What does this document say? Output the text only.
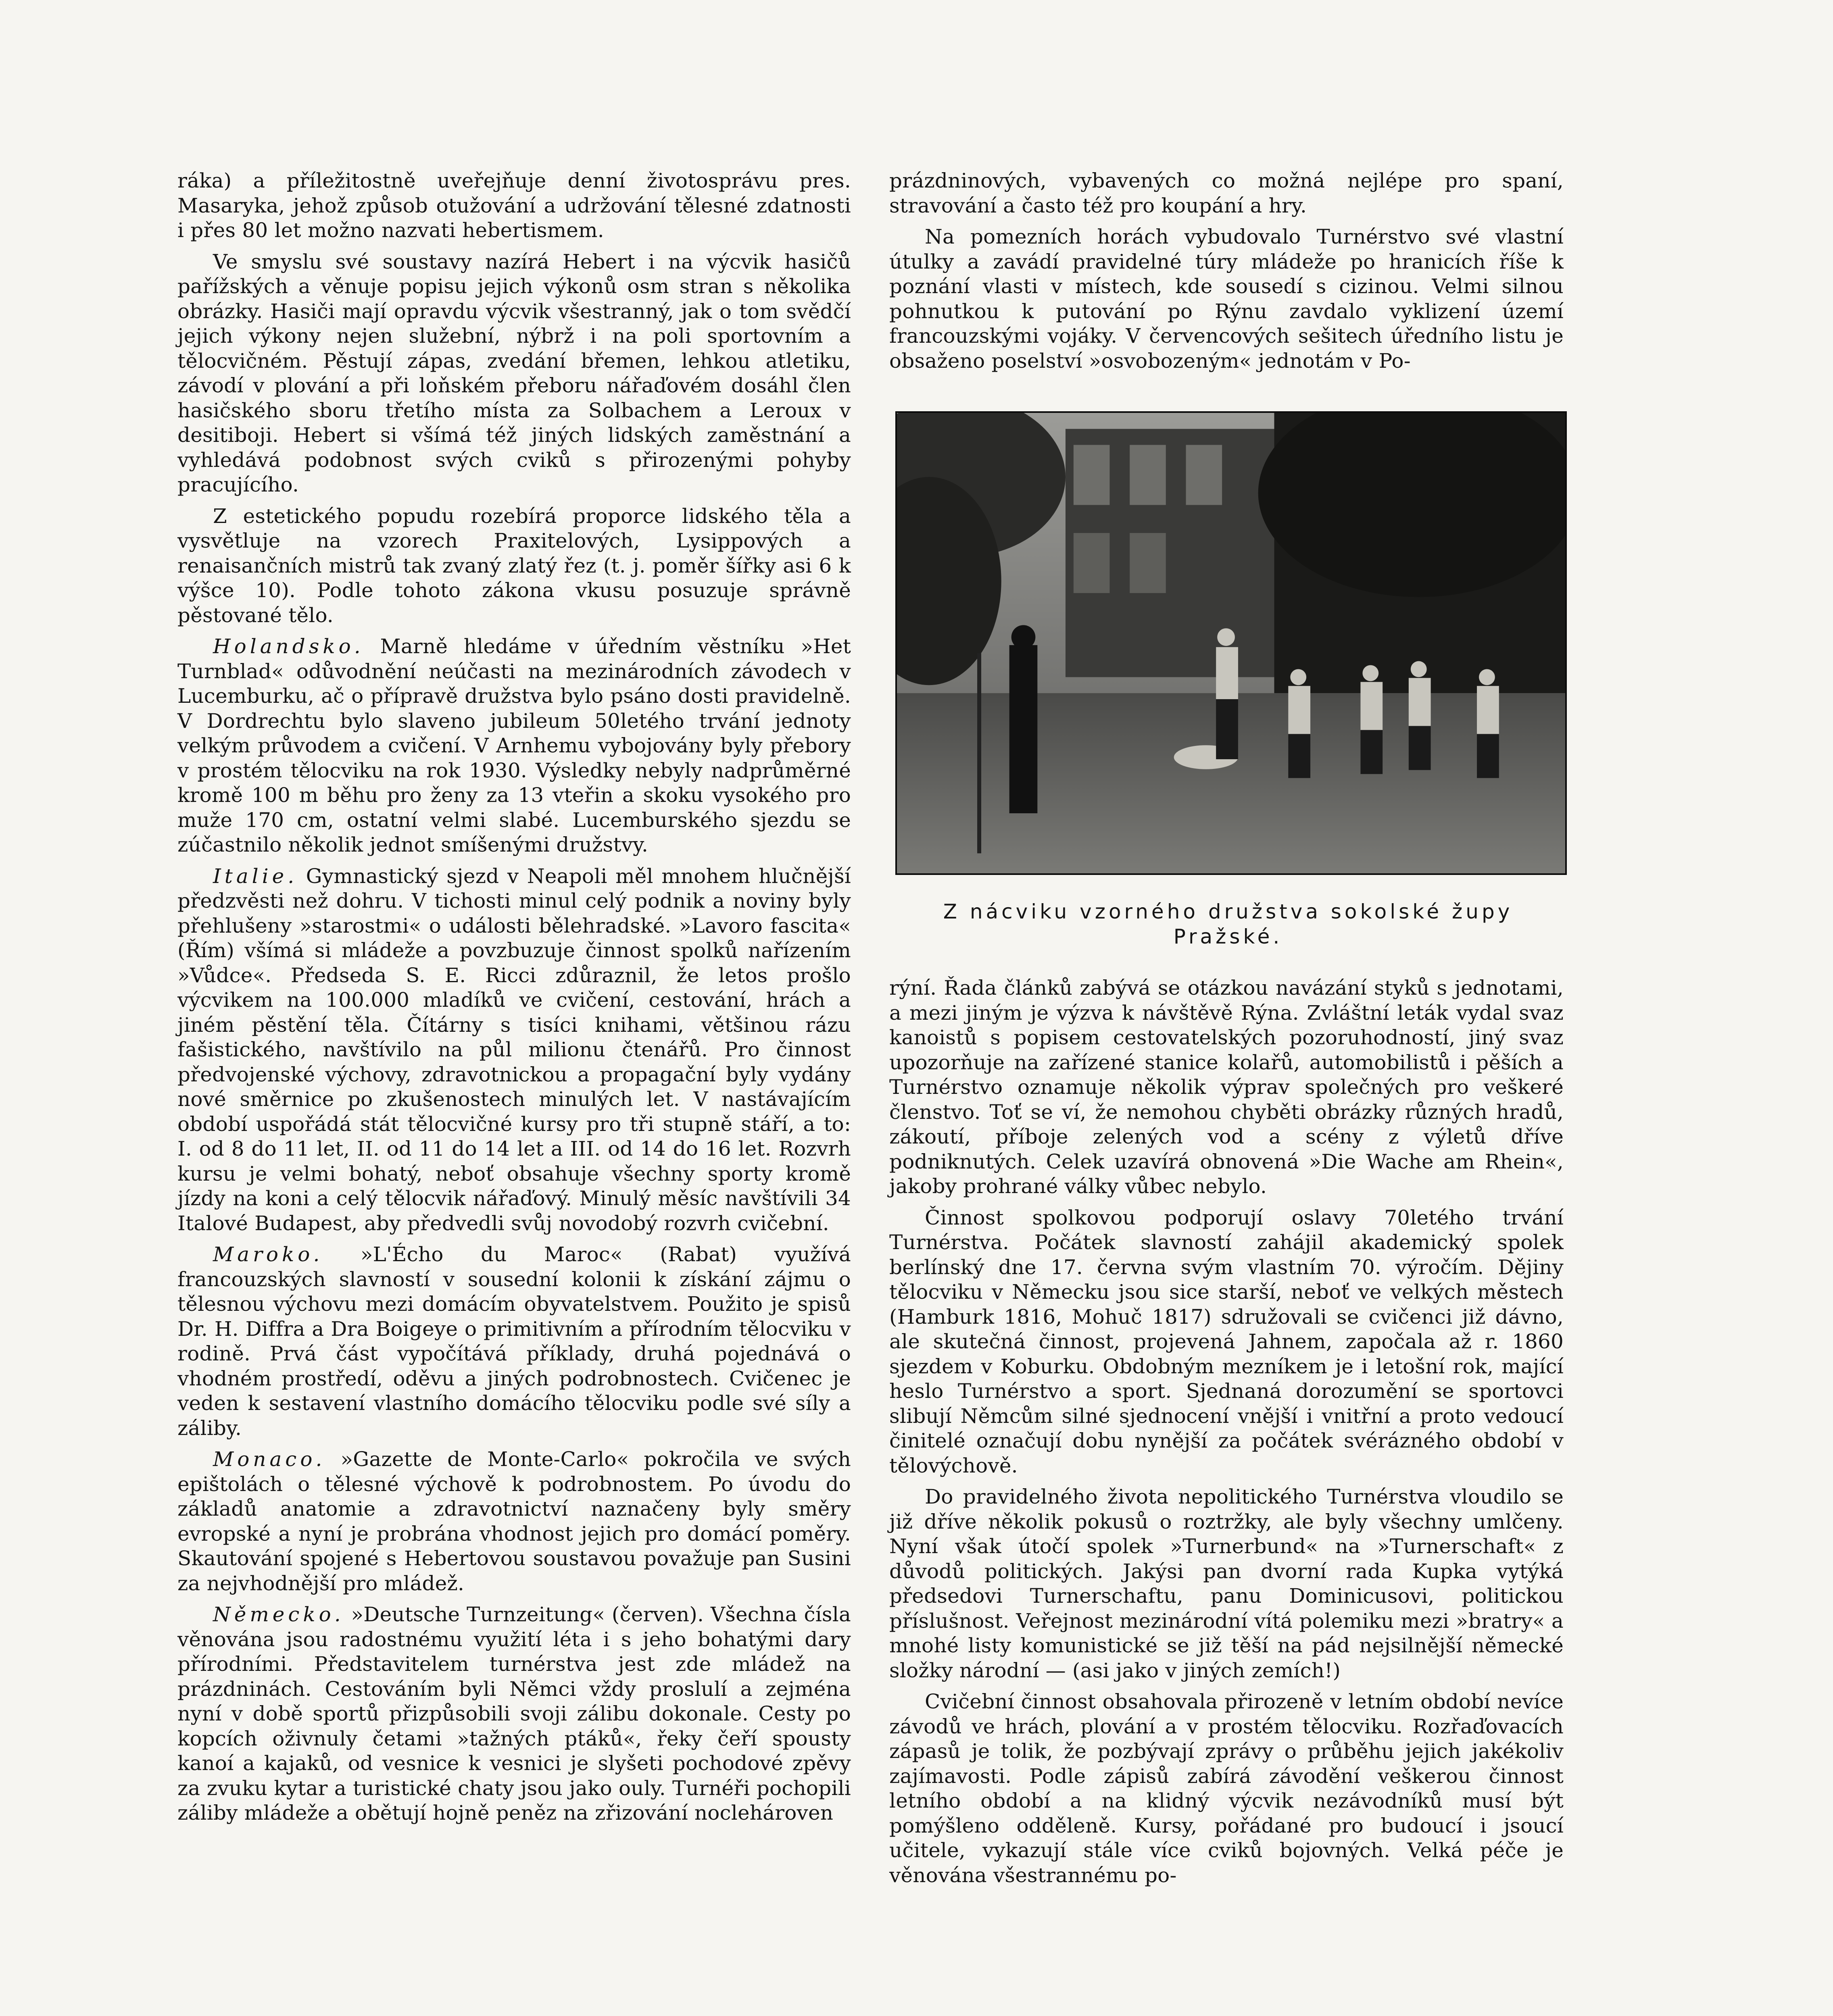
ráka) a příležitostně uveřejňuje denní životosprávu pres. Masaryka, jehož způsob otužování a udržování tělesné zdatnosti i přes 80 let možno nazvati hebertismem.

Ve smyslu své soustavy nazírá Hebert i na výcvik hasičů pařížských a věnuje popisu jejich výkonů osm stran s několika obrázky. Hasiči mají opravdu výcvik všestranný, jak o tom svědčí jejich výkony nejen služební, nýbrž i na poli sportovním a tělocvičném. Pěstují zápas, zvedání břemen, lehkou atletiku, závodí v plování a při loňském přeboru nářaďovém dosáhl člen hasičského sboru třetího místa za Solbachem a Leroux v desitiboji. Hebert si všímá též jiných lidských zaměstnání a vyhledává podobnost svých cviků s přirozenými pohyby pracujícího.

Z estetického popudu rozebírá proporce lidského těla a vysvětluje na vzorech Praxitelových, Lysippových a renaisančních mistrů tak zvaný zlatý řez (t. j. poměr šířky asi 6 k výšce 10). Podle tohoto zákona vkusu posuzuje správně pěstované tělo.

Holandsko. Marně hledáme v úředním věstníku »Het Turnblad« odůvodnění neúčasti na mezinárodních závodech v Lucemburku, ač o přípravě družstva bylo psáno dosti pravidelně. V Dordrechtu bylo slaveno jubileum 50letého trvání jednoty velkým průvodem a cvičení. V Arnhemu vybojovány byly přebory v prostém tělocviku na rok 1930. Výsledky nebyly nadprůměrné kromě 100 m běhu pro ženy za 13 vteřin a skoku vysokého pro muže 170 cm, ostatní velmi slabé. Lucemburského sjezdu se zúčastnilo několik jednot smíšenými družstvy.

Italie. Gymnastický sjezd v Neapoli měl mnohem hlučnější předzvěsti než dohru. V tichosti minul celý podnik a noviny byly přehlušeny »starostmi« o události bělehradské. »Lavoro fascita« (Řím) všímá si mládeže a povzbuzuje činnost spolků nařízením »Vůdce«. Předseda S. E. Ricci zdůraznil, že letos prošlo výcvikem na 100.000 mladíků ve cvičení, cestování, hrách a jiném pěstění těla. Čítárny s tisíci knihami, většinou rázu fašistického, navštívilo na půl milionu čtenářů. Pro činnost předvojenské výchovy, zdravotnickou a propagační byly vydány nové směrnice po zkušenostech minulých let. V nastávajícím období uspořádá stát tělocvičné kursy pro tři stupně stáří, a to: I. od 8 do 11 let, II. od 11 do 14 let a III. od 14 do 16 let. Rozvrh kursu je velmi bohatý, neboť obsahuje všechny sporty kromě jízdy na koni a celý tělocvik nářaďový. Minulý měsíc navštívili 34 Italové Budapest, aby předvedli svůj novodobý rozvrh cvičební.

Maroko. »L'Écho du Maroc« (Rabat) využívá francouzských slavností v sousední kolonii k získání zájmu o tělesnou výchovu mezi domácím obyvatelstvem. Použito je spisů Dr. H. Diffra a Dra Boigeye o primitivním a přírodním tělocviku v rodině. Prvá část vypočítává příklady, druhá pojednává o vhodném prostředí, oděvu a jiných podrobnostech. Cvičenec je veden k sestavení vlastního domácího tělocviku podle své síly a záliby.

Monaco. »Gazette de Monte-Carlo« pokročila ve svých epištolách o tělesné výchově k podrobnostem. Po úvodu do základů anatomie a zdravotnictví naznačeny byly směry evropské a nyní je probrána vhodnost jejich pro domácí poměry. Skautování spojené s Hebertovou soustavou považuje pan Susini za nejvhodnější pro mládež.

Německo. »Deutsche Turnzeitung« (červen). Všechna čísla věnována jsou radostnému využití léta i s jeho bohatými dary přírodními. Představitelem turnérstva jest zde mládež na prázdninách. Cestováním byli Němci vždy proslulí a zejména nyní v době sportů přizpůsobili svoji zálibu dokonale. Cesty po kopcích oživnuly četami »tažných ptáků«, řeky čeří spousty kanoí a kajaků, od vesnice k vesnici je slyšeti pochodové zpěvy za zvuku kytar a turistické chaty jsou jako ouly. Turnéři pochopili záliby mládeže a obětují hojně peněz na zřizování noclehároven

prázdninových, vybavených co možná nejlépe pro spaní, stravování a často též pro koupání a hry.

Na pomezních horách vybudovalo Turnérstvo své vlastní útulky a zavádí pravidelné túry mládeže po hranicích říše k poznání vlasti v místech, kde sousedí s cizinou. Velmi silnou pohnutkou k putování po Rýnu zavdalo vyklizení území francouzskými vojáky. V červencových sešitech úředního listu je obsaženo poselství »osvobozeným« jednotám v Po-

Z nácviku vzorného družstva sokolské župy Pražské.

rýní. Řada článků zabývá se otázkou navázání styků s jednotami, a mezi jiným je výzva k návštěvě Rýna. Zvláštní leták vydal svaz kanoistů s popisem cestovatelských pozoruhodností, jiný svaz upozorňuje na zařízené stanice kolařů, automobilistů i pěších a Turnérstvo oznamuje několik výprav společných pro veškeré členstvo. Toť se ví, že nemohou chyběti obrázky různých hradů, zákoutí, příboje zelených vod a scény z výletů dříve podniknutých. Celek uzavírá obnovená »Die Wache am Rhein«, jakoby prohrané války vůbec nebylo.

Činnost spolkovou podporují oslavy 70letého trvání Turnérstva. Počátek slavností zahájil akademický spolek berlínský dne 17. června svým vlastním 70. výročím. Dějiny tělocviku v Německu jsou sice starší, neboť ve velkých městech (Hamburk 1816, Mohuč 1817) sdružovali se cvičenci již dávno, ale skutečná činnost, projevená Jahnem, započala až r. 1860 sjezdem v Koburku. Obdobným mezníkem je i letošní rok, mající heslo Turnérstvo a sport. Sjednaná dorozumění se sportovci slibují Němcům silné sjednocení vnější i vnitřní a proto vedoucí činitelé označují dobu nynější za počátek svérázného období v tělovýchově.

Do pravidelného života nepolitického Turnérstva vloudilo se již dříve několik pokusů o roztržky, ale byly všechny umlčeny. Nyní však útočí spolek »Turnerbund« na »Turnerschaft« z důvodů politických. Jakýsi pan dvorní rada Kupka vytýká předsedovi Turnerschaftu, panu Dominicusovi, politickou příslušnost. Veřejnost mezinárodní vítá polemiku mezi »bratry« a mnohé listy komunistické se již těší na pád nejsilnější německé složky národní — (asi jako v jiných zemích!)

Cvičební činnost obsahovala přirozeně v letním období nevíce závodů ve hrách, plování a v prostém tělocviku. Rozřaďovacích zápasů je tolik, že pozbývají zprávy o průběhu jejich jakékoliv zajímavosti. Podle zápisů zabírá závodění veškerou činnost letního období a na klidný výcvik nezávodníků musí být pomýšleno odděleně. Kursy, pořádané pro budoucí i jsoucí učitele, vykazují stále více cviků bojovných. Velká péče je věnována všestrannému po-
